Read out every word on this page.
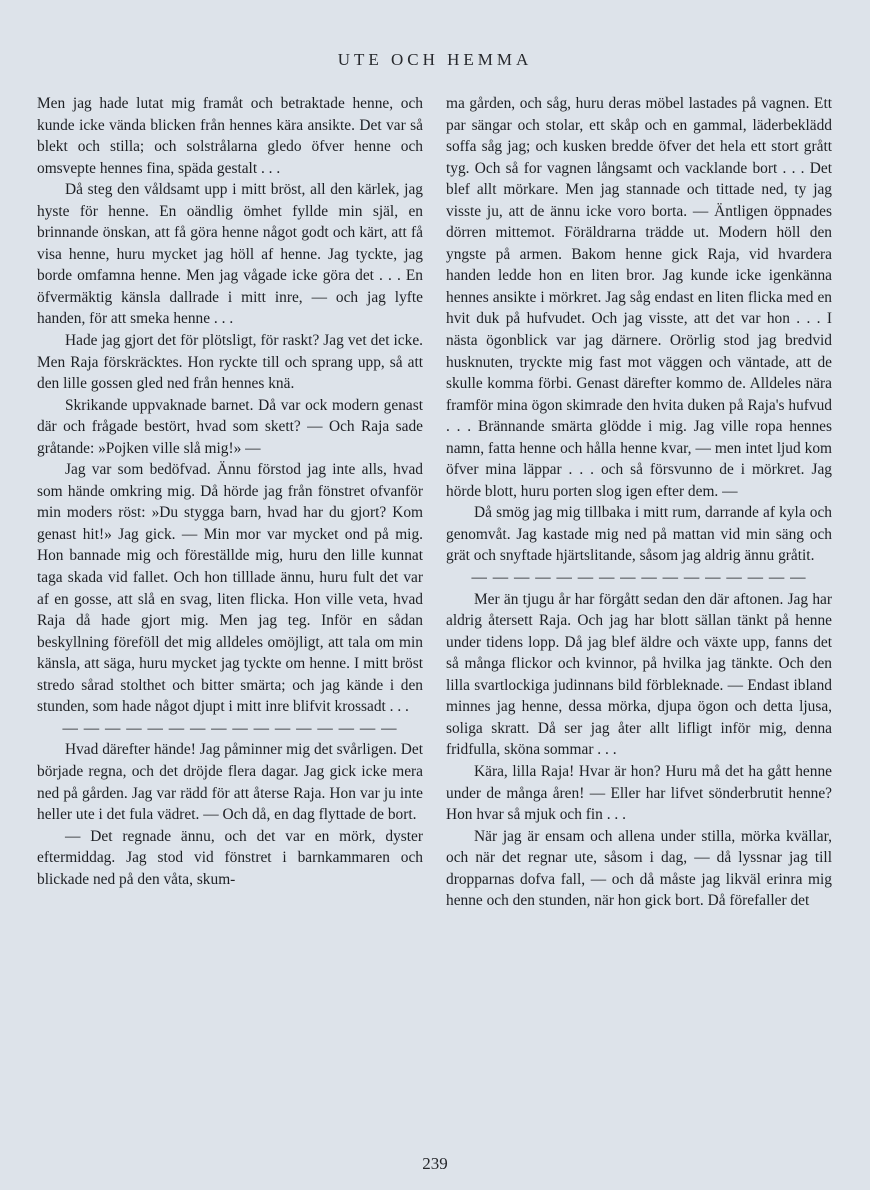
UTE OCH HEMMA

Men jag hade lutat mig framåt och betraktade henne, och kunde icke vända blicken från hennes kära ansikte. Det var så blekt och stilla; och solstrålarna gledo öfver henne och omsvepte hennes fina, späda gestalt . . .

Då steg den våldsamt upp i mitt bröst, all den kärlek, jag hyste för henne. En oändlig ömhet fyllde min själ, en brinnande önskan, att få göra henne något godt och kärt, att få visa henne, huru mycket jag höll af henne. Jag tyckte, jag borde omfamna henne. Men jag vågade icke göra det . . . En öfvermäktig känsla dallrade i mitt inre, — och jag lyfte handen, för att smeka henne . . .

Hade jag gjort det för plötsligt, för raskt? Jag vet det icke. Men Raja förskräcktes. Hon ryckte till och sprang upp, så att den lille gossen gled ned från hennes knä.

Skrikande uppvaknade barnet. Då var ock modern genast där och frågade bestört, hvad som skett? — Och Raja sade gråtande: »Pojken ville slå mig!» —

Jag var som bedöfvad. Ännu förstod jag inte alls, hvad som hände omkring mig. Då hörde jag från fönstret ofvanför min moders röst: »Du stygga barn, hvad har du gjort? Kom genast hit!» Jag gick. — Min mor var mycket ond på mig. Hon bannade mig och föreställde mig, huru den lille kunnat taga skada vid fallet. Och hon tilllade ännu, huru fult det var af en gosse, att slå en svag, liten flicka. Hon ville veta, hvad Raja då hade gjort mig. Men jag teg. Inför en sådan beskyllning föreföll det mig alldeles omöjligt, att tala om min känsla, att säga, huru mycket jag tyckte om henne. I mitt bröst stredo sårad stolthet och bitter smärta; och jag kände i den stunden, som hade något djupt i mitt inre blifvit krossadt . . .

— — — — — — — — — — — — — — — —

Hvad därefter hände! Jag påminner mig det svårligen. Det började regna, och det dröjde flera dagar. Jag gick icke mera ned på gården. Jag var rädd för att återse Raja. Hon var ju inte heller ute i det fula vädret. — Och då, en dag flyttade de bort.

— Det regnade ännu, och det var en mörk, dyster eftermiddag. Jag stod vid fönstret i barnkammaren och blickade ned på den våta, skum-

ma gården, och såg, huru deras möbel lastades på vagnen. Ett par sängar och stolar, ett skåp och en gammal, läderbeklädd soffa såg jag; och kusken bredde öfver det hela ett stort grått tyg. Och så for vagnen långsamt och vacklande bort . . . Det blef allt mörkare. Men jag stannade och tittade ned, ty jag visste ju, att de ännu icke voro borta. — Äntligen öppnades dörren mittemot. Föräldrarna trädde ut. Modern höll den yngste på armen. Bakom henne gick Raja, vid hvardera handen ledde hon en liten bror. Jag kunde icke igenkänna hennes ansikte i mörkret. Jag såg endast en liten flicka med en hvit duk på hufvudet. Och jag visste, att det var hon . . . I nästa ögonblick var jag därnere. Orörlig stod jag bredvid husknuten, tryckte mig fast mot väggen och väntade, att de skulle komma förbi. Genast därefter kommo de. Alldeles nära framför mina ögon skimrade den hvita duken på Raja's hufvud . . . Brännande smärta glödde i mig. Jag ville ropa hennes namn, fatta henne och hålla henne kvar, — men intet ljud kom öfver mina läppar . . . och så försvunno de i mörkret. Jag hörde blott, huru porten slog igen efter dem. —

Då smög jag mig tillbaka i mitt rum, darrande af kyla och genomvåt. Jag kastade mig ned på mattan vid min säng och grät och snyftade hjärtslitande, såsom jag aldrig ännu gråtit.

— — — — — — — — — — — — — — — —

Mer än tjugu år har förgått sedan den där aftonen. Jag har aldrig återsett Raja. Och jag har blott sällan tänkt på henne under tidens lopp. Då jag blef äldre och växte upp, fanns det så många flickor och kvinnor, på hvilka jag tänkte. Och den lilla svartlockiga judinnans bild förbleknade. — Endast ibland minnes jag henne, dessa mörka, djupa ögon och detta ljusa, soliga skratt. Då ser jag åter allt lifligt inför mig, denna fridfulla, sköna sommar . . .

Kära, lilla Raja! Hvar är hon? Huru må det ha gått henne under de många åren! — Eller har lifvet sönderbrutit henne? Hon hvar så mjuk och fin . . .

När jag är ensam och allena under stilla, mörka kvällar, och när det regnar ute, såsom i dag, — då lyssnar jag till dropparnas dofva fall, — och då måste jag likväl erinra mig henne och den stunden, när hon gick bort. Då förefaller det

239
